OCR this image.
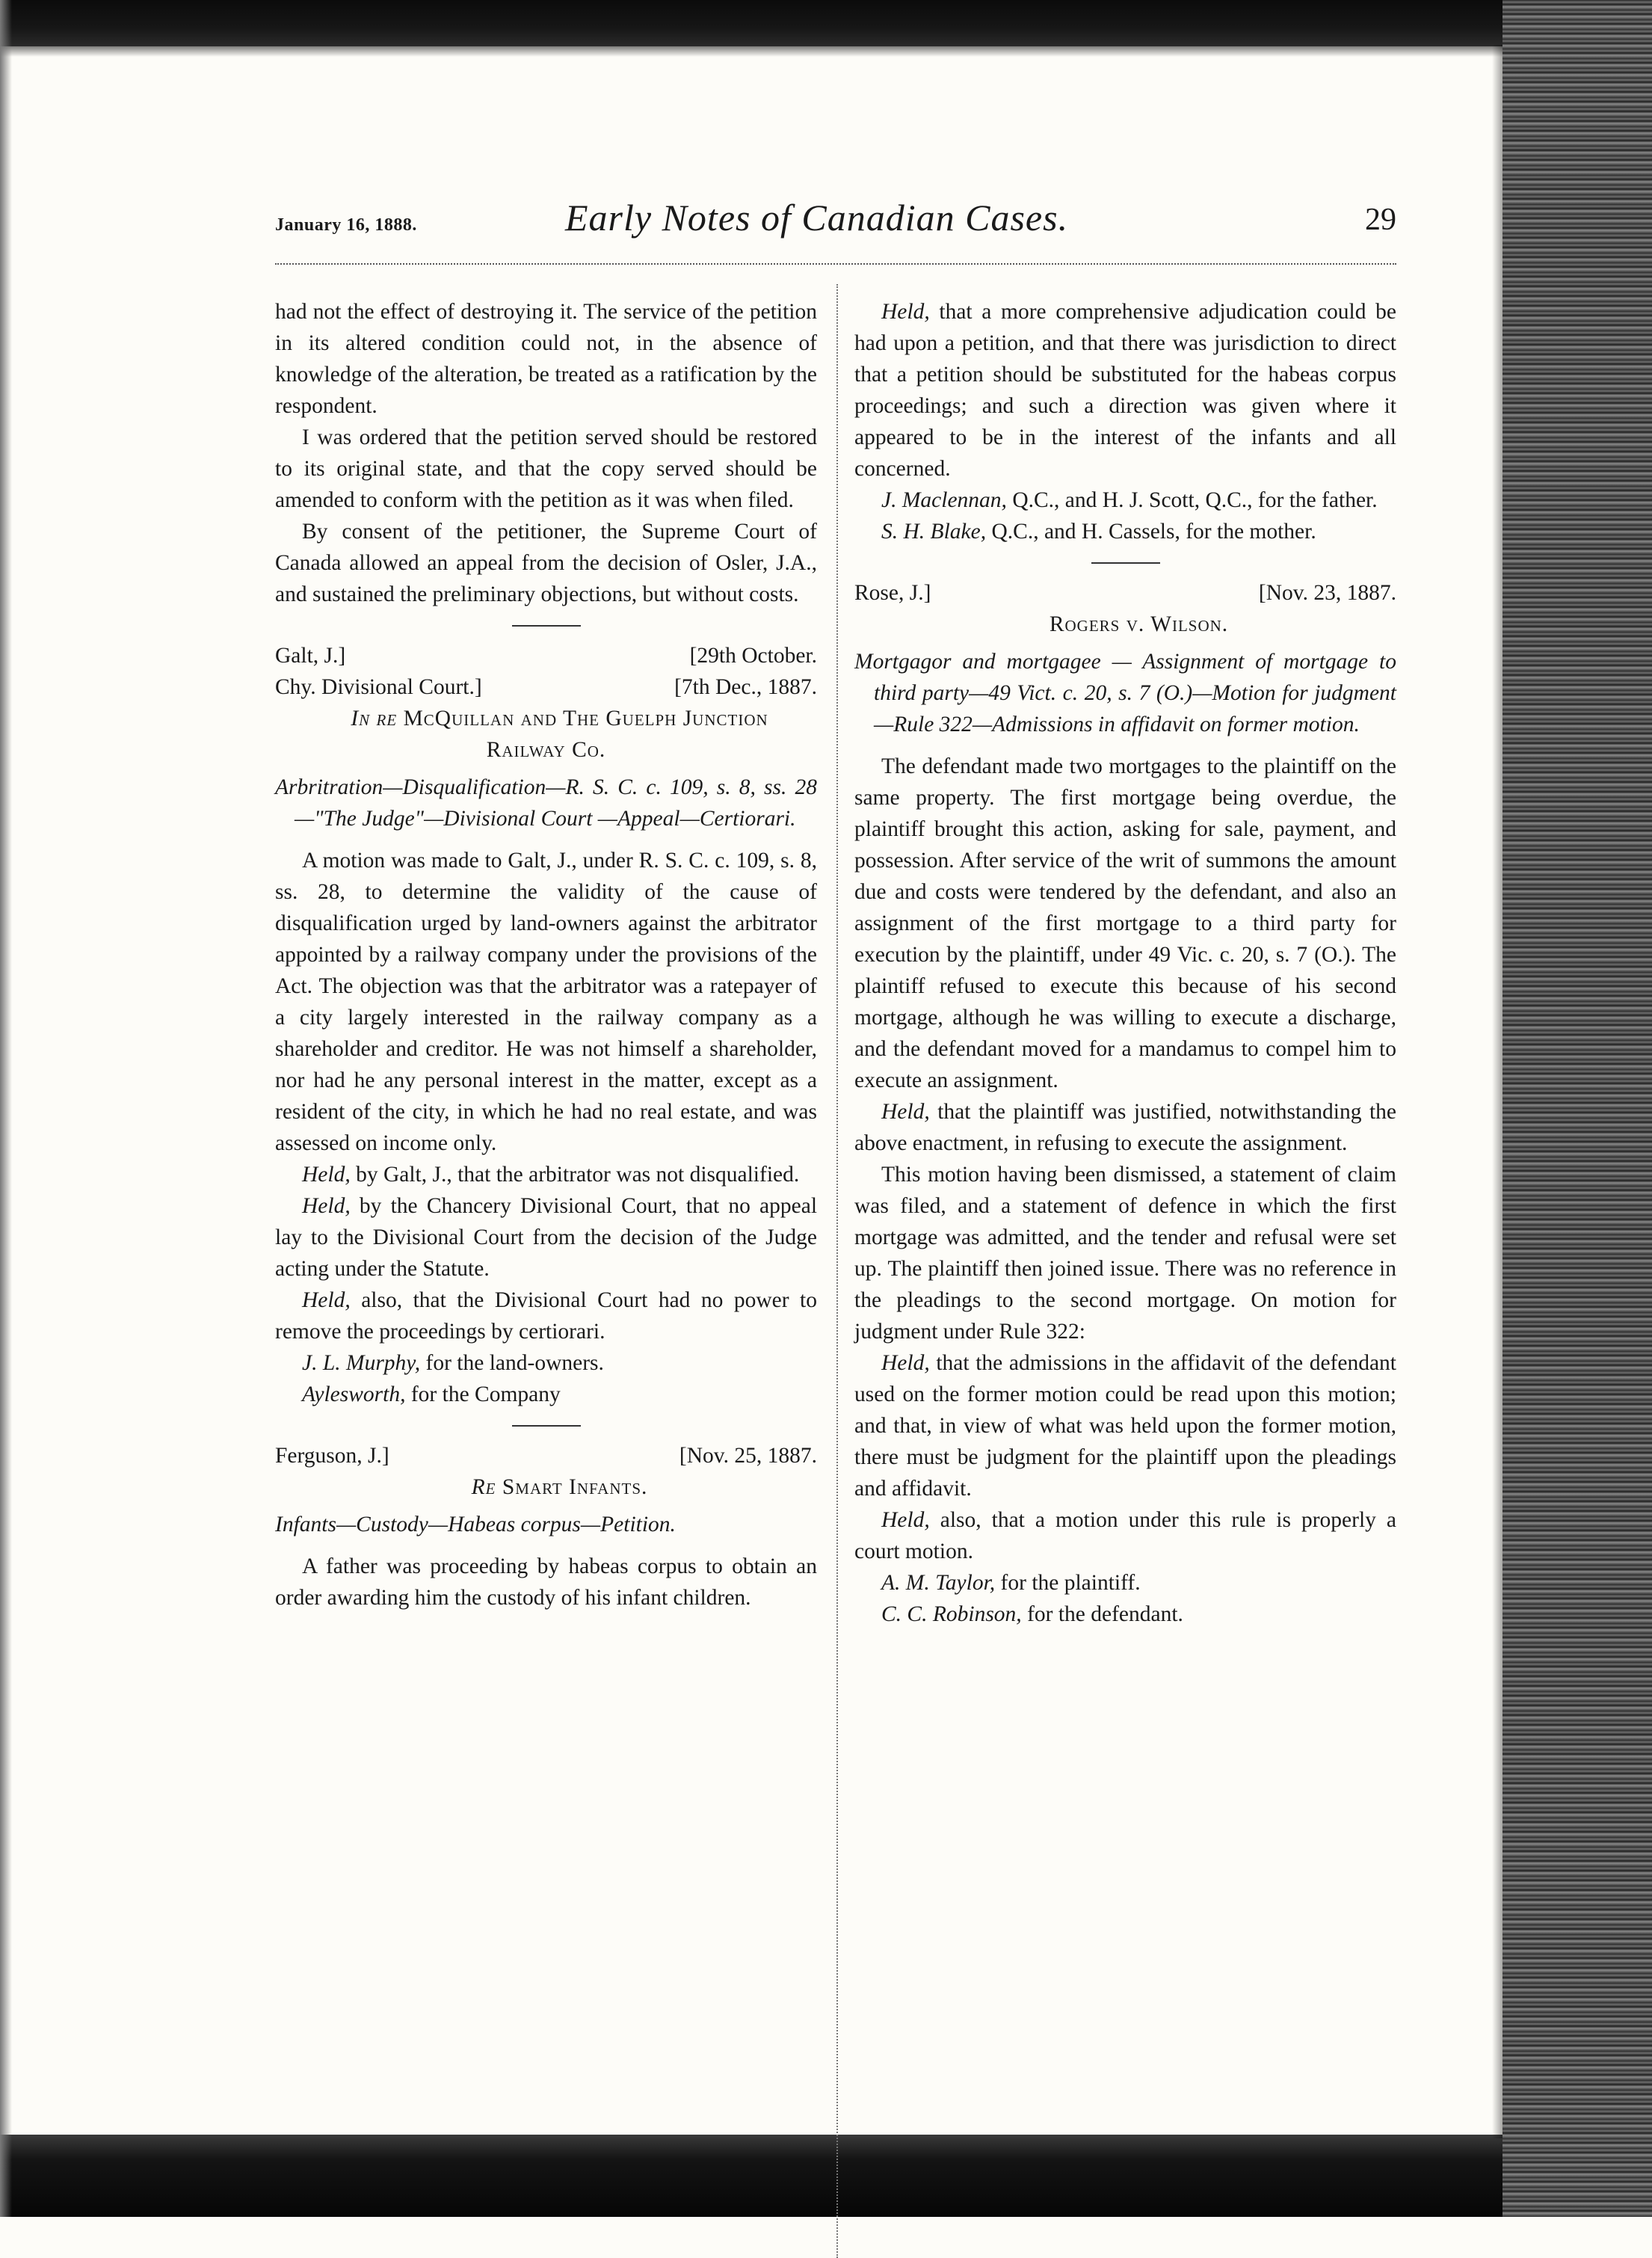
January 16, 1888.	Early Notes of Canadian Cases.	29

had not the effect of destroying it. The service of the petition in its altered condition could not, in the absence of knowledge of the alteration, be treated as a ratification by the respondent.

I was ordered that the petition served should be restored to its original state, and that the copy served should be amended to conform with the petition as it was when filed.

By consent of the petitioner, the Supreme Court of Canada allowed an appeal from the decision of Osler, J.A., and sustained the preliminary objections, but without costs.

Galt, J.]	[29th October.
Chy. Divisional Court.]	[7th Dec., 1887.

In re McQuillan and The Guelph Junction Railway Co.

Arbritration—Disqualification—R. S. C. c. 109, s. 8, ss. 28—"The Judge"—Divisional Court —Appeal—Certiorari.

A motion was made to Galt, J., under R. S. C. c. 109, s. 8, ss. 28, to determine the validity of the cause of disqualification urged by land-owners against the arbitrator appointed by a railway company under the provisions of the Act. The objection was that the arbitrator was a ratepayer of a city largely interested in the railway company as a shareholder and creditor. He was not himself a shareholder, nor had he any personal interest in the matter, except as a resident of the city, in which he had no real estate, and was assessed on income only.

Held, by Galt, J., that the arbitrator was not disqualified.

Held, by the Chancery Divisional Court, that no appeal lay to the Divisional Court from the decision of the Judge acting under the Statute.

Held, also, that the Divisional Court had no power to remove the proceedings by certiorari.

J. L. Murphy, for the land-owners.

Aylesworth, for the Company

Ferguson, J.]	[Nov. 25, 1887.

Re Smart Infants.

Infants—Custody—Habeas corpus—Petition.

A father was proceeding by habeas corpus to obtain an order awarding him the custody of his infant children.

Held, that a more comprehensive adjudication could be had upon a petition, and that there was jurisdiction to direct that a petition should be substituted for the habeas corpus proceedings; and such a direction was given where it appeared to be in the interest of the infants and all concerned.

J. Maclennan, Q.C., and H. J. Scott, Q.C., for the father.

S. H. Blake, Q.C., and H. Cassels, for the mother.

Rose, J.]	[Nov. 23, 1887.

Rogers v. Wilson.

Mortgagor and mortgagee — Assignment of mortgage to third party—49 Vict. c. 20, s. 7 (O.)—Motion for judgment—Rule 322—Admissions in affidavit on former motion.

The defendant made two mortgages to the plaintiff on the same property. The first mortgage being overdue, the plaintiff brought this action, asking for sale, payment, and possession. After service of the writ of summons the amount due and costs were tendered by the defendant, and also an assignment of the first mortgage to a third party for execution by the plaintiff, under 49 Vic. c. 20, s. 7 (O.). The plaintiff refused to execute this because of his second mortgage, although he was willing to execute a discharge, and the defendant moved for a mandamus to compel him to execute an assignment.

Held, that the plaintiff was justified, notwithstanding the above enactment, in refusing to execute the assignment.

This motion having been dismissed, a statement of claim was filed, and a statement of defence in which the first mortgage was admitted, and the tender and refusal were set up. The plaintiff then joined issue. There was no reference in the pleadings to the second mortgage. On motion for judgment under Rule 322:

Held, that the admissions in the affidavit of the defendant used on the former motion could be read upon this motion; and that, in view of what was held upon the former motion, there must be judgment for the plaintiff upon the pleadings and affidavit.

Held, also, that a motion under this rule is properly a court motion.

A. M. Taylor, for the plaintiff.

C. C. Robinson, for the defendant.
